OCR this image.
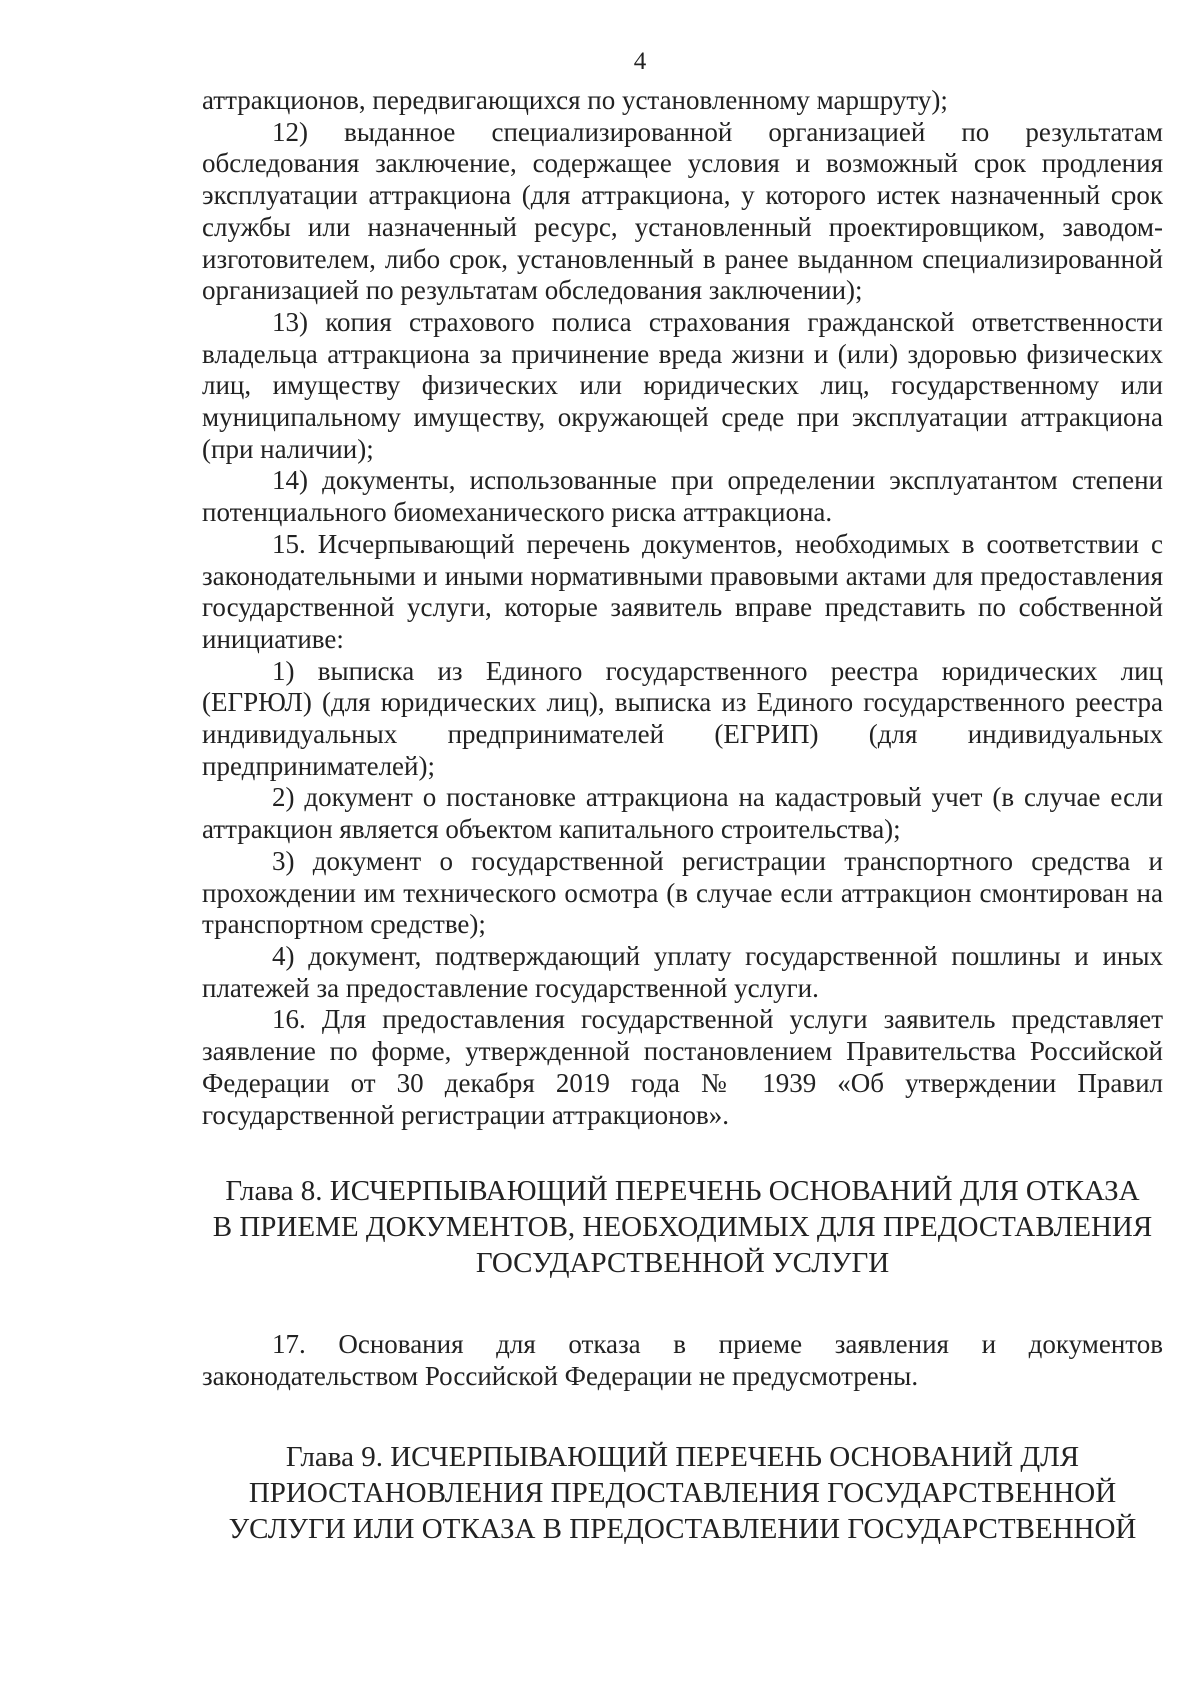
4

аттракционов, передвигающихся по установленному маршруту);

12) выданное специализированной организацией по результатам обследования заключение, содержащее условия и возможный срок продления эксплуатации аттракциона (для аттракциона, у которого истек назначенный срок службы или назначенный ресурс, установленный проектировщиком, заводом-изготовителем, либо срок, установленный в ранее выданном специализированной организацией по результатам обследования заключении);

13) копия страхового полиса страхования гражданской ответственности владельца аттракциона за причинение вреда жизни и (или) здоровью физических лиц, имуществу физических или юридических лиц, государственному или муниципальному имуществу, окружающей среде при эксплуатации аттракциона (при наличии);

14) документы, использованные при определении эксплуатантом степени потенциального биомеханического риска аттракциона.

15. Исчерпывающий перечень документов, необходимых в соответствии с законодательными и иными нормативными правовыми актами для предоставления государственной услуги, которые заявитель вправе представить по собственной инициативе:

1) выписка из Единого государственного реестра юридических лиц (ЕГРЮЛ) (для юридических лиц), выписка из Единого государственного реестра индивидуальных предпринимателей (ЕГРИП) (для индивидуальных предпринимателей);

2) документ о постановке аттракциона на кадастровый учет (в случае если аттракцион является объектом капитального строительства);

3) документ о государственной регистрации транспортного средства и прохождении им технического осмотра (в случае если аттракцион смонтирован на транспортном средстве);

4) документ, подтверждающий уплату государственной пошлины и иных платежей за предоставление государственной услуги.

16. Для предоставления государственной услуги заявитель представляет заявление по форме, утвержденной постановлением Правительства Российской Федерации от 30 декабря 2019 года № 1939 «Об утверждении Правил государственной регистрации аттракционов».

Глава 8. ИСЧЕРПЫВАЮЩИЙ ПЕРЕЧЕНЬ ОСНОВАНИЙ ДЛЯ ОТКАЗА
В ПРИЕМЕ ДОКУМЕНТОВ, НЕОБХОДИМЫХ ДЛЯ ПРЕДОСТАВЛЕНИЯ
ГОСУДАРСТВЕННОЙ УСЛУГИ

17. Основания для отказа в приеме заявления и документов законодательством Российской Федерации не предусмотрены.

Глава 9. ИСЧЕРПЫВАЮЩИЙ ПЕРЕЧЕНЬ ОСНОВАНИЙ ДЛЯ
ПРИОСТАНОВЛЕНИЯ ПРЕДОСТАВЛЕНИЯ ГОСУДАРСТВЕННОЙ
УСЛУГИ ИЛИ ОТКАЗА В ПРЕДОСТАВЛЕНИИ ГОСУДАРСТВЕННОЙ
